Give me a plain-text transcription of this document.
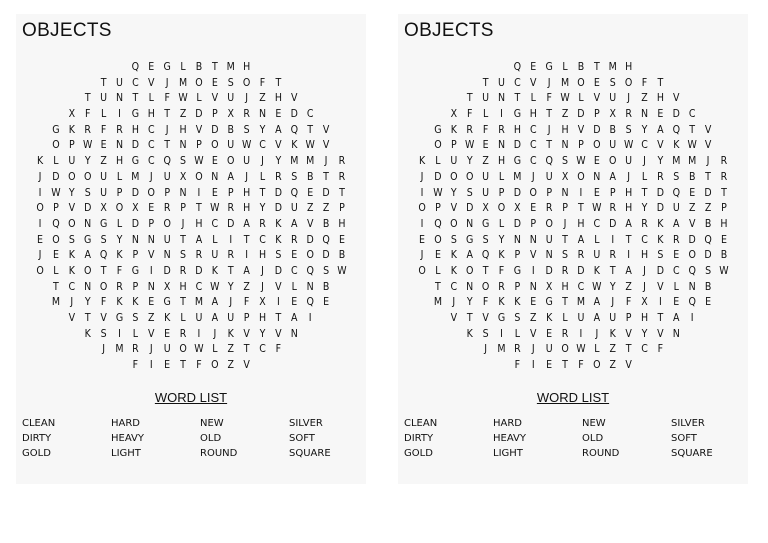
OBJECTS
Q E G L B T M H
T U C V J M O E S O F T
T U N T L F W L V U J Z H V
X F L I G H T Z D P X R N E D C
G K R F R H C J H V D B S Y A Q T V
O P W E N D C T N P O U W C V K W V
K L U Y Z H G C Q S W E O U J Y M M J R
J D O O U L M J U X O N A J L R S B T R
I W Y S U P D O P N I E P H T D Q E D T
O P V D X O X E R P T W R H Y D U Z Z P
I Q O N G L D P O J H C D A R K A V B H
E O S G S Y N N U T A L I T C K R D Q E
J E K A Q K P V N S R U R I H S E O D B
O L K O T F G I D R D K T A J D C Q S W
T C N O R P N X H C W Y Z J V L N B
M J Y F K K E G T M A J F X I E Q E
V T V G S Z K L U A U P H T A I
K S I L V E R I J K V Y V N
J M R J U O W L Z T C F
F I E T F O Z V
WORD LIST
CLEAN	HARD	NEW	SILVER
DIRTY	HEAVY	OLD	SOFT
GOLD	LIGHT	ROUND	SQUARE
OBJECTS
Q E G L B T M H
T U C V J M O E S O F T
T U N T L F W L V U J Z H V
X F L I G H T Z D P X R N E D C
G K R F R H C J H V D B S Y A Q T V
O P W E N D C T N P O U W C V K W V
K L U Y Z H G C Q S W E O U J Y M M J R
J D O O U L M J U X O N A J L R S B T R
I W Y S U P D O P N I E P H T D Q E D T
O P V D X O X E R P T W R H Y D U Z Z P
I Q O N G L D P O J H C D A R K A V B H
E O S G S Y N N U T A L I T C K R D Q E
J E K A Q K P V N S R U R I H S E O D B
O L K O T F G I D R D K T A J D C Q S W
T C N O R P N X H C W Y Z J V L N B
M J Y F K K E G T M A J F X I E Q E
V T V G S Z K L U A U P H T A I
K S I L V E R I J K V Y V N
J M R J U O W L Z T C F
F I E T F O Z V
WORD LIST
CLEAN	HARD	NEW	SILVER
DIRTY	HEAVY	OLD	SOFT
GOLD	LIGHT	ROUND	SQUARE
